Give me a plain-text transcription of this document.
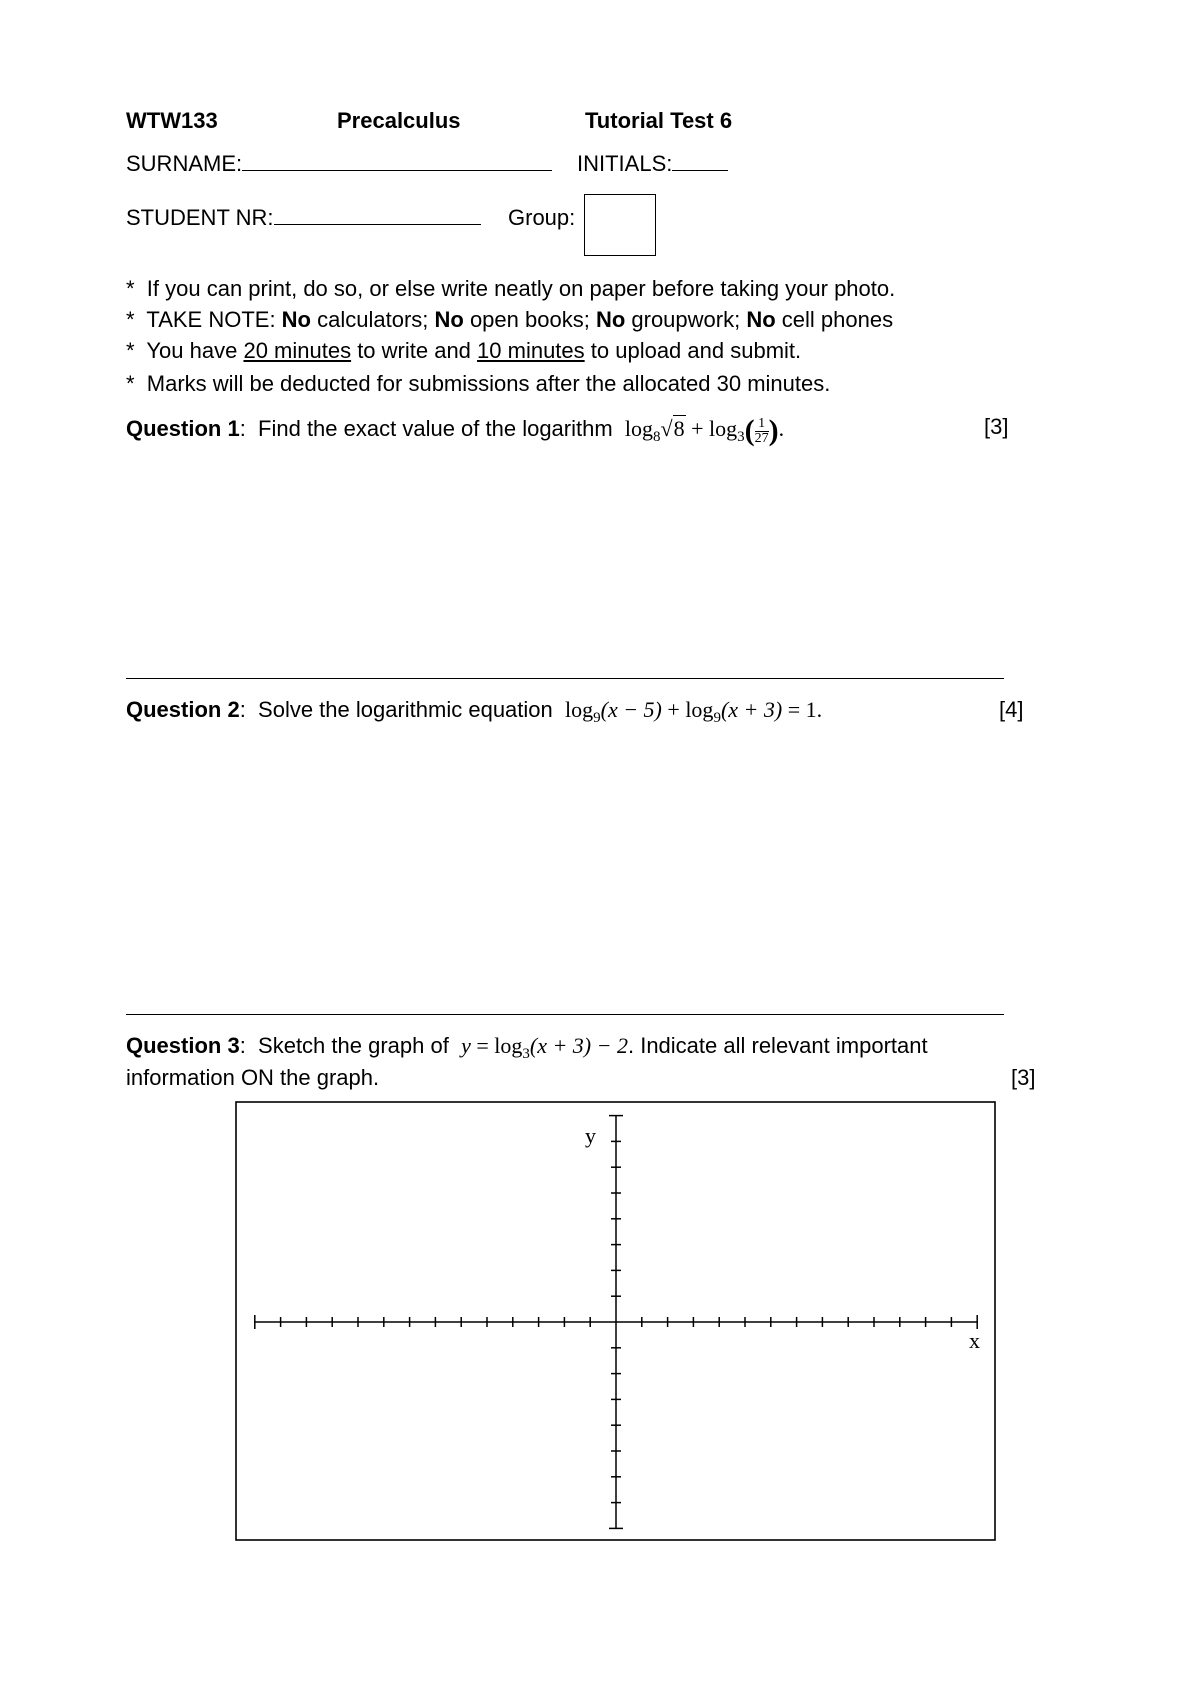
WTW133	Precalculus	Tutorial Test 6
SURNAME:	INITIALS:
STUDENT NR:	Group:
* If you can print, do so, or else write neatly on paper before taking your photo.
* TAKE NOTE: No calculators; No open books; No groupwork; No cell phones
* You have 20 minutes to write and 10 minutes to upload and submit.
* Marks will be deducted for submissions after the allocated 30 minutes.
Question 1:  Find the exact value of the logarithm $\log_8√8 + \log_3( \frac{1}{27}$ ).	[3]
Question 2:  Solve the logarithmic equation $\log_9(x - 5) + \log_9(x + 3) = 1$.	[4]
Question 3:  Sketch the graph of $y = \log_3(x + 3) - 2$. Indicate all relevant important
information ON the graph.	[3]
y
x
